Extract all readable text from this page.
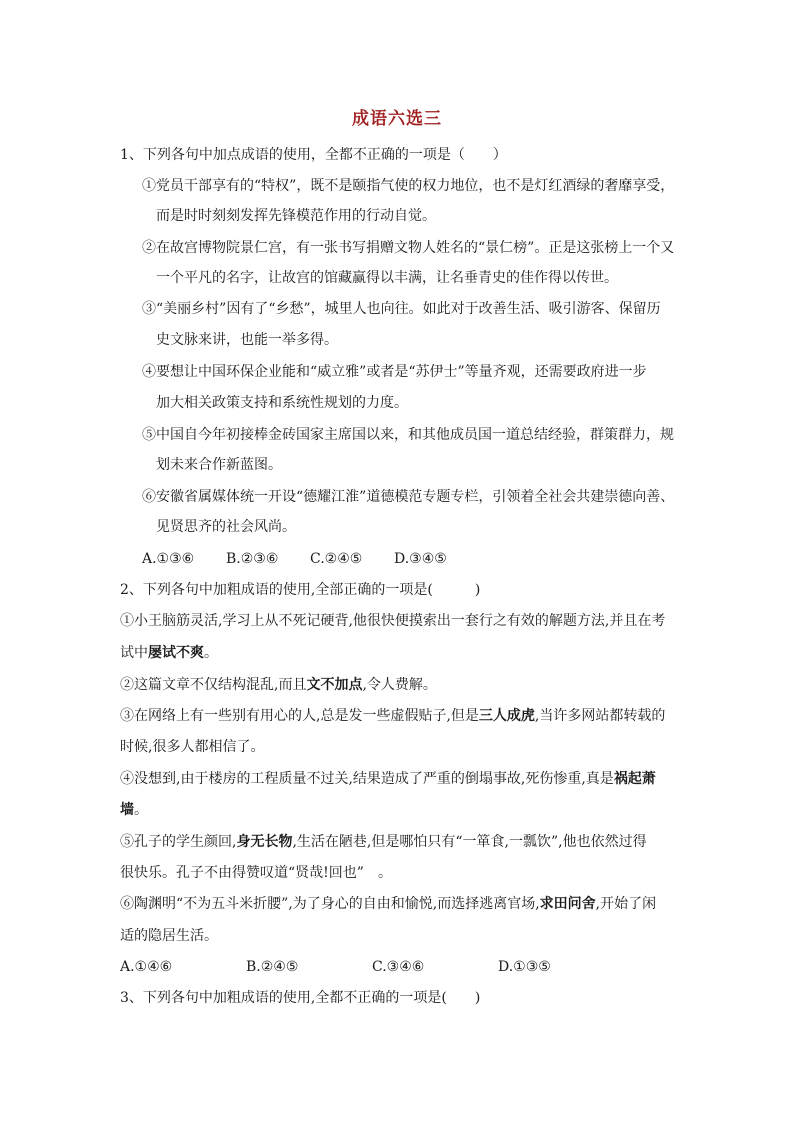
成语六选三
1、下列各句中加点成语的使用，全都不正确的一项是（　　）
①党员干部享有的“特权”，既不是颐指气使的权力地位，也不是灯红酒绿的奢靡享受，
而是时时刻刻发挥先锋模范作用的行动自觉。
②在故宫博物院景仁宫，有一张书写捐赠文物人姓名的“景仁榜”。正是这张榜上一个又
一个平凡的名字，让故宫的馆藏赢得以丰满，让名垂青史的佳作得以传世。
③“美丽乡村”因有了“乡愁”，城里人也向往。如此对于改善生活、吸引游客、保留历
史文脉来讲，也能一举多得。
④要想让中国环保企业能和“威立雅”或者是“苏伊士”等量齐观，还需要政府进一步
加大相关政策支持和系统性规划的力度。
⑤中国自今年初接棒金砖国家主席国以来，和其他成员国一道总结经验，群策群力，规
划未来合作新蓝图。
⑥安徽省属媒体统一开设“德耀江淮”道德模范专题专栏，引领着全社会共建崇德向善、
见贤思齐的社会风尚。
A.①③⑥ B.②③⑥ C.②④⑤ D.③④⑤
2、下列各句中加粗成语的使用,全部正确的一项是(　　　)
①小王脑筋灵活,学习上从不死记硬背,他很快便摸索出一套行之有效的解题方法,并且在考
试中屡试不爽。
②这篇文章不仅结构混乱,而且文不加点,令人费解。
③在网络上有一些别有用心的人,总是发一些虚假贴子,但是三人成虎,当许多网站都转载的
时候,很多人都相信了。
④没想到,由于楼房的工程质量不过关,结果造成了严重的倒塌事故,死伤惨重,真是祸起萧
墙。
⑤孔子的学生颜回,身无长物,生活在陋巷,但是哪怕只有“一箪食,一瓢饮”,他也依然过得
很快乐。孔子不由得赞叹道“贤哉!回也”　。
⑥陶渊明“不为五斗米折腰”,为了身心的自由和愉悦,而选择逃离官场,求田问舍,开始了闲
适的隐居生活。
A.①④⑥	B.②④⑤	C.③④⑥	D.①③⑤
3、下列各句中加粗成语的使用,全都不正确的一项是(　　)
